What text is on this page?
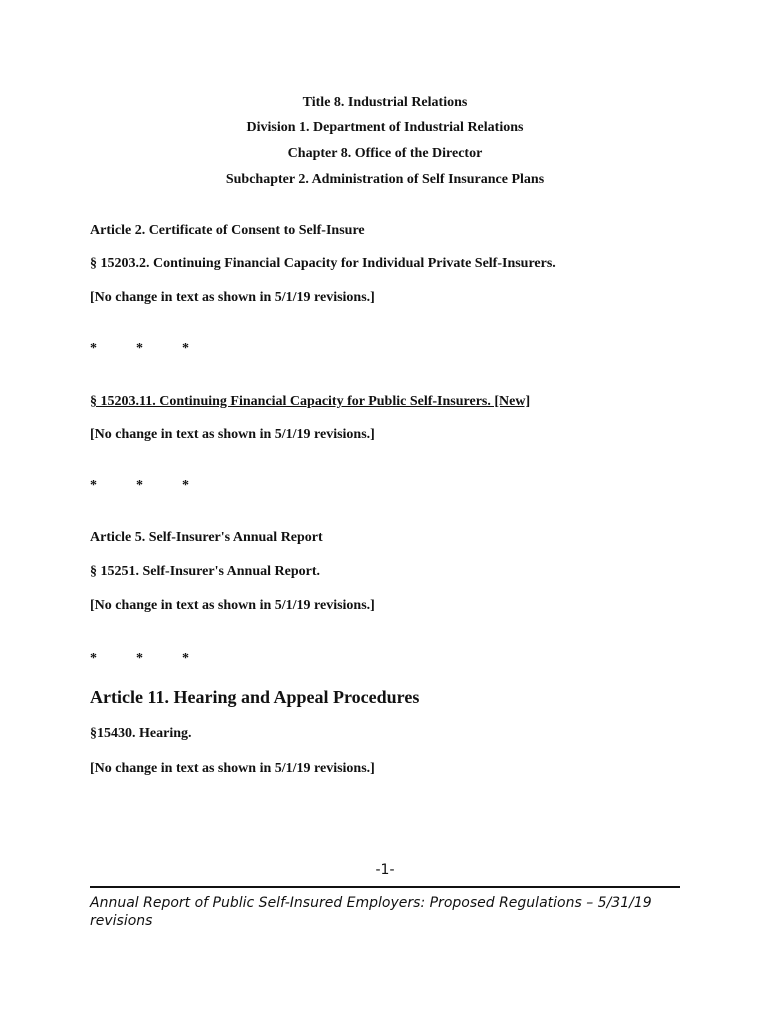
Title 8. Industrial Relations
Division 1. Department of Industrial Relations
Chapter 8. Office of the Director
Subchapter 2. Administration of Self Insurance Plans
Article 2. Certificate of Consent to Self-Insure
§ 15203.2. Continuing Financial Capacity for Individual Private Self-Insurers.
[No change in text as shown in 5/1/19 revisions.]
*	*	*
§ 15203.11. Continuing Financial Capacity for Public Self-Insurers. [New]
[No change in text as shown in 5/1/19 revisions.]
*	*	*
Article 5. Self-Insurer's Annual Report
§ 15251. Self-Insurer's Annual Report.
[No change in text as shown in 5/1/19 revisions.]
*	*	*
Article 11. Hearing and Appeal Procedures
§15430. Hearing.
[No change in text as shown in 5/1/19 revisions.]
-1-
Annual Report of Public Self-Insured Employers: Proposed Regulations – 5/31/19 revisions
